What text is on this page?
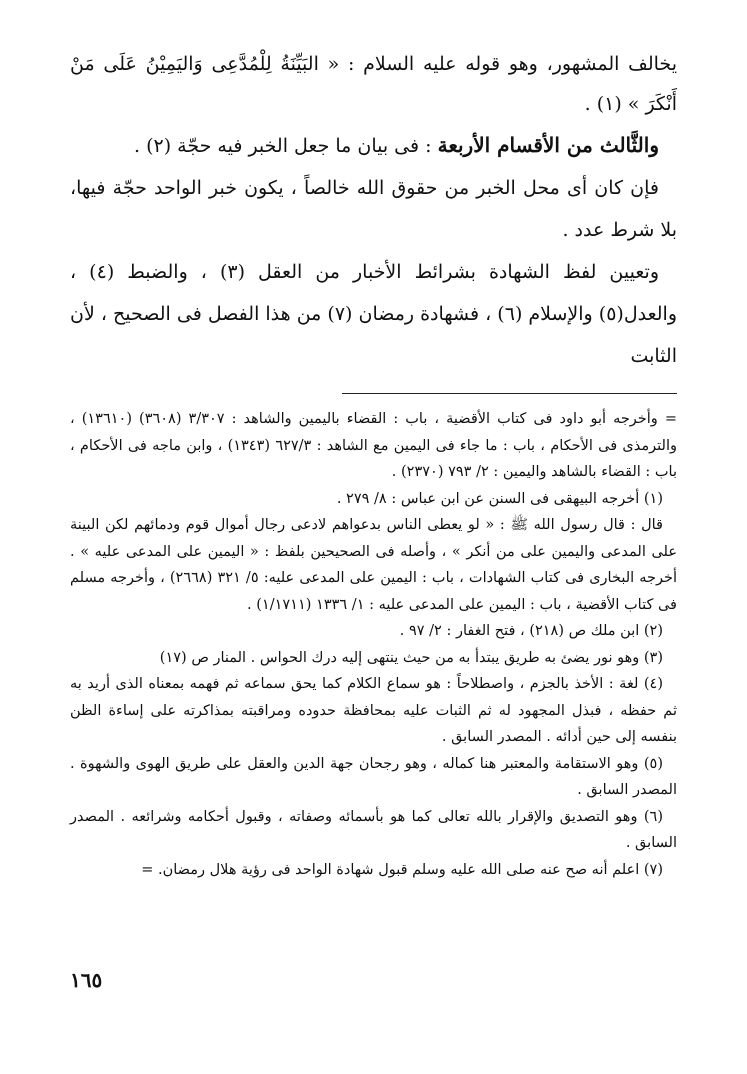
يخالف المشهور، وهو قوله عليه السلام : « البَيِّنَةُ لِلْمُدَّعِى وَاليَمِيْنُ عَلَى مَنْ أَنْكَرَ » (١) .

والثَّالث من الأقسام الأربعة : فى بيان ما جعل الخبر فيه حجّة (٢) .

فإن كان أى محل الخبر من حقوق الله خالصاً ، يكون خبر الواحد حجّة فيها، بلا شرط عدد .

وتعيين لفظ الشهادة بشرائط الأخبار من العقل (٣) ، والضبط (٤) ، والعدل(٥) والإسلام (٦) ، فشهادة رمضان (٧) من هذا الفصل فى الصحيح ، لأن الثابت

= وأخرجه أبو داود فى كتاب الأقضية ، باب : القضاء باليمين والشاهد : ٣/٣٠٧ (٣٦٠٨) (١٣٦١٠) ، والترمذى فى الأحكام ، باب : ما جاء فى اليمين مع الشاهد : ٦٢٧/٣ (١٣٤٣) ، وابن ماجه فى الأحكام ، باب : القضاء بالشاهد واليمين : ٢/ ٧٩٣ (٢٣٧٠) .

(١) أخرجه البيهقى فى السنن عن ابن عباس : ٨/ ٢٧٩ .

قال : قال رسول الله ﷺ : « لو يعطى الناس بدعواهم لادعى رجال أموال قوم ودمائهم لكن البينة على المدعى واليمين على من أنكر » ، وأصله فى الصحيحين بلفظ : « اليمين على المدعى عليه » . أخرجه البخارى فى كتاب الشهادات ، باب : اليمين على المدعى عليه: ٥/ ٣٢١ (٢٦٦٨) ، وأخرجه مسلم فى كتاب الأقضية ، باب : اليمين على المدعى عليه : ١/ ١٣٣٦ (١/١٧١١) .

(٢) ابن ملك ص (٢١٨) ، فتح الغفار : ٢/ ٩٧ .

(٣) وهو نور يضئ به طريق يبتدأ به من حيث ينتهى إليه درك الحواس . المنار ص (١٧)

(٤) لغة : الأخذ بالجزم ، واصطلاحاً : هو سماع الكلام كما يحق سماعه ثم فهمه بمعناه الذى أريد به ثم حفظه ، فبذل المجهود له ثم الثبات عليه بمحافظة حدوده ومراقبته بمذاكرته على إساءة الظن بنفسه إلى حين أدائه . المصدر السابق .

(٥) وهو الاستقامة والمعتبر هنا كماله ، وهو رجحان جهة الدين والعقل على طريق الهوى والشهوة . المصدر السابق .

(٦) وهو التصديق والإقرار بالله تعالى كما هو بأسمائه وصفاته ، وقبول أحكامه وشرائعه . المصدر السابق .

(٧) اعلم أنه صح عنه صلى الله عليه وسلم قبول شهادة الواحد فى رؤية هلال رمضان. =

١٦٥
